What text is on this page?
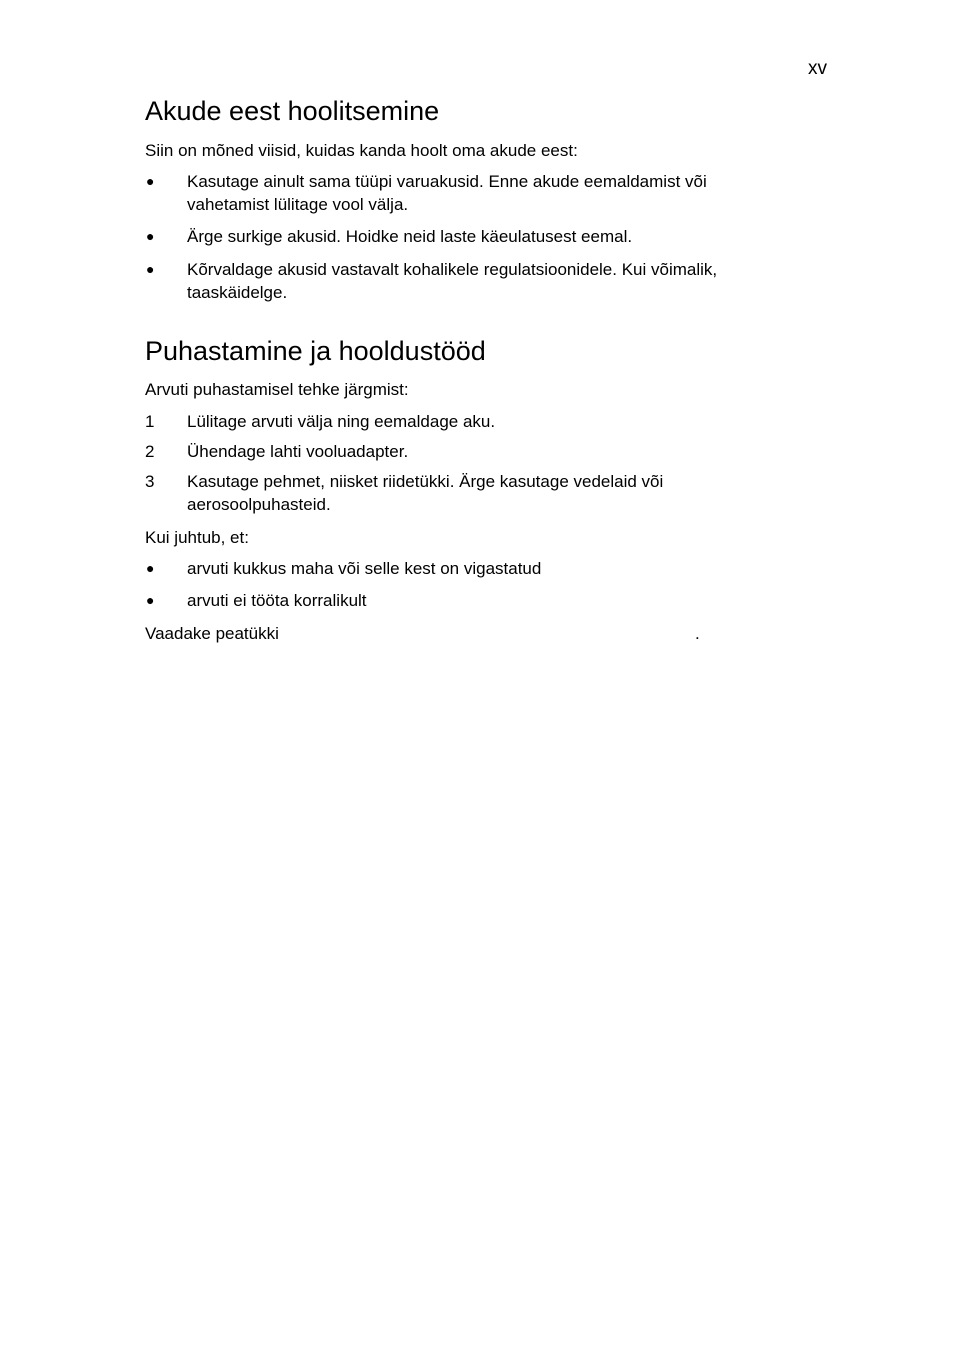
xv
Akude eest hoolitsemine

Siin on mõned viisid, kuidas kanda hoolt oma akude eest:

●	Kasutage ainult sama tüüpi varuakusid. Enne akude eemaldamist või vahetamist lülitage vool välja.
●	Ärge surkige akusid. Hoidke neid laste käeulatusest eemal.
●	Kõrvaldage akusid vastavalt kohalikele regulatsioonidele. Kui võimalik, taaskäidelge.
Puhastamine ja hooldustööd

Arvuti puhastamisel tehke järgmist:

1	Lülitage arvuti välja ning eemaldage aku.
2	Ühendage lahti vooluadapter.
3	Kasutage pehmet, niisket riidetükki. Ärge kasutage vedelaid või aerosoolpuhasteid.

Kui juhtub, et:

●	arvuti kukkus maha või selle kest on vigastatud
●	arvuti ei tööta korralikult

Vaadake peatükki	.
